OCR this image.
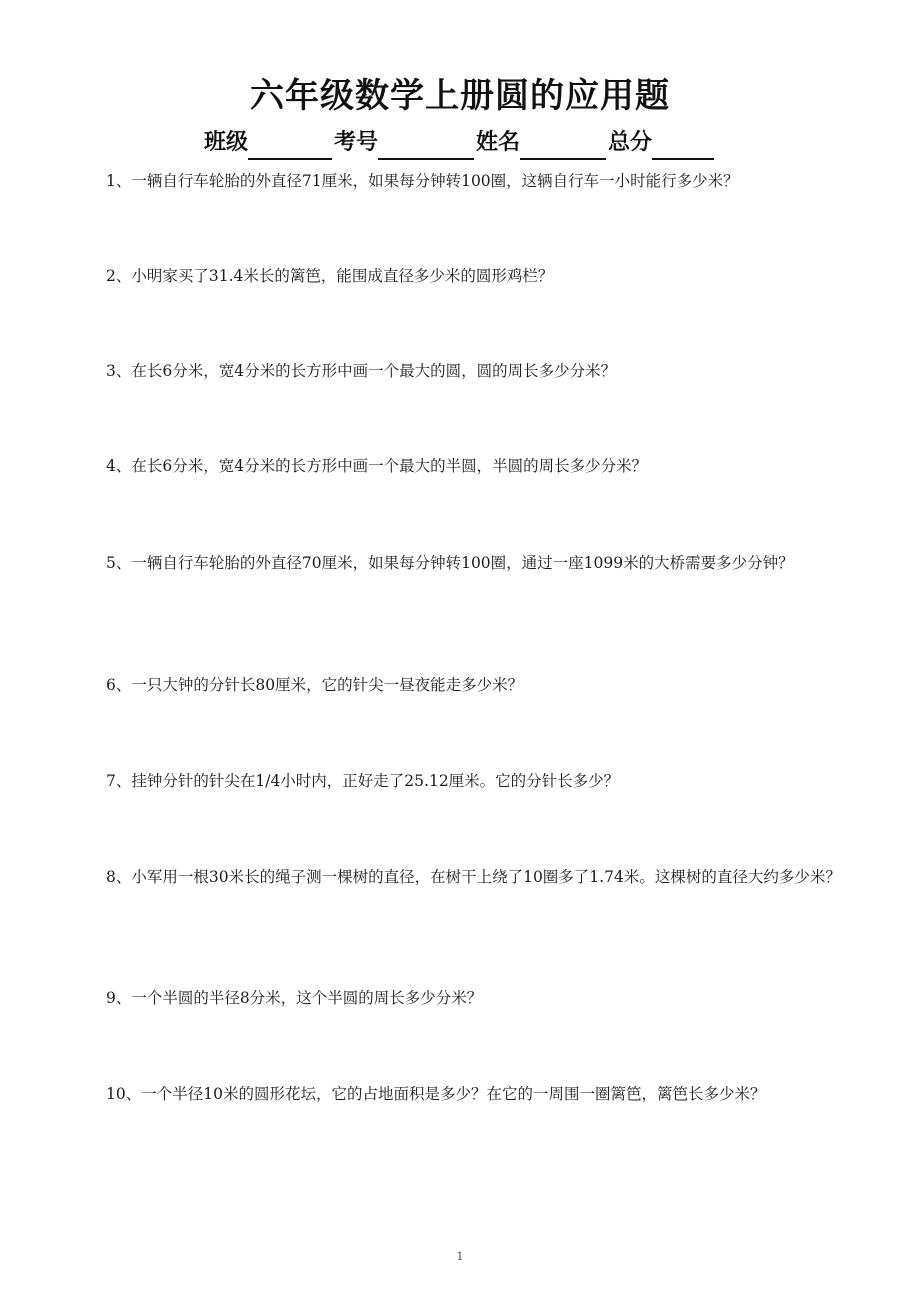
六年级数学上册圆的应用题
班级	考号	姓名	总分
1、一辆自行车轮胎的外直径71厘米，如果每分钟转100圈，这辆自行车一小时能行多少米？
2、小明家买了31.4米长的篱笆，能围成直径多少米的圆形鸡栏？
3、在长6分米，宽4分米的长方形中画一个最大的圆，圆的周长多少分米？
4、在长6分米，宽4分米的长方形中画一个最大的半圆，半圆的周长多少分米？
5、一辆自行车轮胎的外直径70厘米，如果每分钟转100圈，通过一座1099米的大桥需要多少分钟？
6、一只大钟的分针长80厘米，它的针尖一昼夜能走多少米？
7、挂钟分针的针尖在1/4小时内，正好走了25.12厘米。它的分针长多少？
8、小军用一根30米长的绳子测一棵树的直径，在树干上绕了10圈多了1.74米。这棵树的直径大约多少米？
9、一个半圆的半径8分米，这个半圆的周长多少分米？
10、一个半径10米的圆形花坛，它的占地面积是多少？在它的一周围一圈篱笆，篱笆长多少米？
1
